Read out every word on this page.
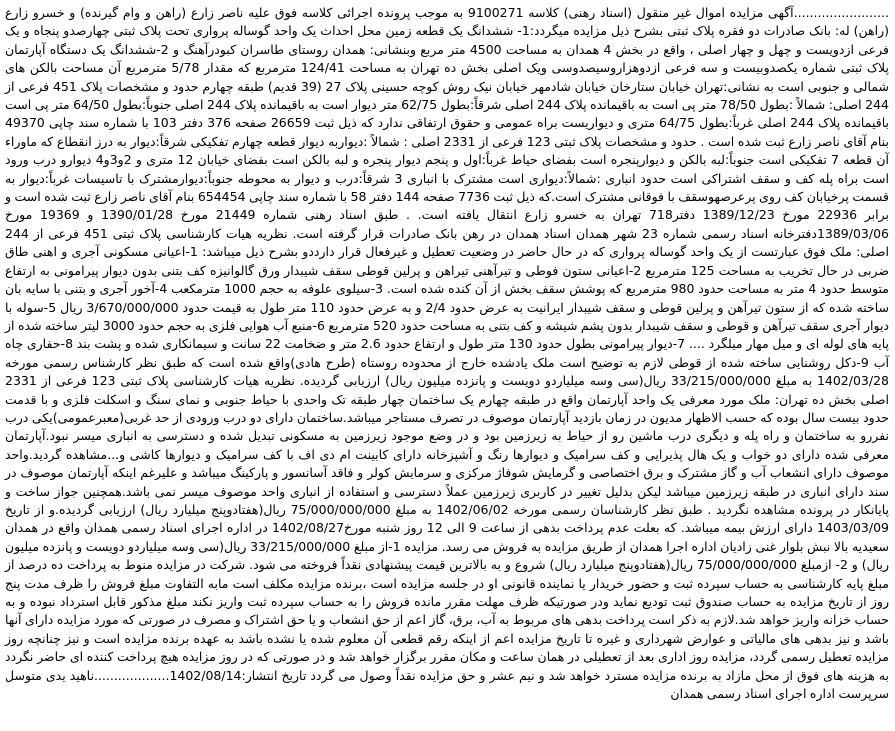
........................آگهی مزایده اموال غیر منقول (اسناد رهنی) کلاسه 9100271 به موجب پرونده اجرائی کلاسه فوق علیه ناصر زارع (راهن و وام گیرنده) و خسرو زارع (راهن) له: بانک صادرات دو فقره پلاک ثبتی بشرح ذیل مزایده میگردد:1- ششدانگ یک قطعه زمین محل احداث یک واحد گوساله پرواری تحت پلاک ثبتی چهارصدو پنجاه و یک فرعی ازدویست و چهل و چهار اصلی ، واقع در بخش 4 همدان به مساحت 4500 متر مربع وبنشانی: همدان روستای طاسران کبودرآهنگ و 2-ششدانگ یک دستگاه آپارتمان پلاک ثبتی شماره یکصدوبیست و سه فرعی ازدوهزاروسیصدوسی ویک اصلی بخش ده تهران به مساحت 124/41 مترمربع که مقدار 5/78 مترمربع آن مساحت بالکن های شمالی و جنوبی است به نشانی:تهران خیابان ستارخان خیابان شادمهر خیابان نیک روش کوچه حسینی پلاک 27 (39 قدیم) طبقه چهارم حدود و مشخصات پلاک 451 فرعی از 244 اصلی: شمالاً :بطول 78/50 متر پی است به باقیمانده پلاک 244 اصلی شرقاً:بطول 62/75 متر دیوار است به باقیمانده پلاک 244 اصلی جنوباً:بطول 64/50 متر پی است باقیمانده پلاک 244 اصلی غرباً:بطول 64/75 متری و دیواریست براه عمومی و حقوق ارتفاقی ندارد که ذیل ثبت 26659 صفحه 376 دفتر 103 با شماره سند چاپی 49370 بنام آقای ناصر زارع ثبت شده است . حدود و مشخصات پلاک ثبتی 123 فرعی از 2331 اصلی : شمالاً :دیواربه دیوار قطعه چهارم تفکیکی شرقاً:دیوار به درز انقطاع که ماوراء آن قطعه 7 تفکیکی است جنوباً:لبه بالکن و دیوارپنجره است بفضای حیاط غرباً:اول و پنجم دیوار پنجره و لبه بالکن است بفضای خیابان 12 متری و 2و3و4 دیوارو درب ورود است براه پله کف و سقف اشتراکی است حدود انباری :شمالاً:دیواری است مشترک با انباری 3 شرقاً:درب و دیوار به محوطه جنوباً:دیوارمشترک با تاسیسات غرباً:دیوار به قسمت پرخیابان کف روی پرعرصهوسقف با فوقانی مشترک است.که ذیل ثبت 7736 صفحه 144 دفتر 58 با شماره سند چاپی 654454 بنام آقای ناصر زارع ثبت شده است و برابر 22936 مورخ 1389/12/23 دفتر718 تهران به خسرو زارع انتقال یافته است. . طبق اسناد رهنی شماره 21449 مورخ 1390/01/28 و 19369 مورخ 1389/03/06دفترخانه اسناد رسمی شماره 23 شهر همدان اسناد همدان در رهن بانک صادرات قرار گرفته است. نظریه هیات کارشناسی پلاک ثبتی 451 فرعی از 244 اصلی: ملک فوق عبارتست از یک واحد گوساله پرواری که در حال حاضر در وضعیت تعطیل و غیرفعال قرار دارددو بشرح ذیل میباشد: 1-اعیانی مسکونی آجری و اهنی طاق ضربی در حال تخریب به مساحت 125 مترمربع 2-اعیانی ستون فوطی و تیرآهنی تیراهن و پرلین قوطی سقف شیبدار ورق گالوانیزه کف بتنی بدون دیوار پیرامونی به ارتفاع متوسط حدود 4 متر به مساحت حدود 980 مترمربع که پوشش سقف بخش از آن کنده شده است. 3-سیلوی علوفه به حجم 1000 مترمکعب 4-آخور آجری و بتنی با سایه بان ساخته شده که از ستون تیرآهن و پرلین قوطی و سقف شیبدار ایرانیت به عرض حدود 2/4 و به عرض حدود 110 متر طول به قیمت حدود 3/670/000/000 ریال 5-سوله با دیوار آجری سقف تیرآهن و قوطی و سقف شیبدار بدون پشم شیشه و کف بتنی به مساحت حدود 520 مترمربع 6-منبع آب هوایی فلزی به حجم حدود 3000 لیتر ساخته شده از پایه های لوله ای و میل مهار میلگرد .... 7-دیوار پیرامونی بطول حدود 130 متر طول و ارتفاع حدود 2.6 متر و ضخامت 22 سانت و سیمانکاری شده و پشت بند 8-حفاری چاه آب 9-دکل روشنایی ساخته شده از قوطی لازم به توضیح است ملک یادشده خارج از محدوده روستاه (طرح هادی)واقع شده است که طبق نظر کارشناس رسمی مورخه 1402/03/28 به مبلغ 33/215/000/000 ریال(سی وسه میلیاردو دویست و پانزده میلیون ریال) ارزیابی گردیده. نظریه هیات کارشناسی پلاک ثبتی 123 فرعی از 2331 اصلی بخش ده تهران: ملک مورد معرفی یک واحد آپارتمان واقع در طبقه چهارم یک ساختمان چهار طبقه تک واحدی با حیاط جنوبی و نمای سنگ و اسکلت فلزی و با قدمت حدود بیست سال بوده که حسب الاظهار مدیون در زمان بازدید آپارتمان موصوف در تصرف مستاجر میباشد.ساختمان دارای دو درب ورودی از حد غربی(معبرعمومی)یکی درب نفررو به ساختمان و راه پله و دیگری درب ماشین رو از حیاط به زیرزمین بود و در وضع موجود زیرزمین به مسکونی تبدیل شده و دسترسی به انباری میسر نبود.آپارتمان معرفی شده دارای دو خواب و یک هال پذیرایی و کف سرامیک و دیوارها رنگ و آشپزخانه دارای کابینت ام دی اف با کف سرامیک و دیوارها کاشی و...مشاهده گردید.واحد موصوف دارای انشعاب آب و گاز مشترک و برق اختصاصی و گرمایش شوفاژ مرکزی و سرمایش کولر و فاقد آسانسور و پارکینگ میباشد و علیرغم اینکه آپارتمان موصوف در سند دارای انباری در طبقه زیرزمین میباشد لیکن بدلیل تغییر در کاربری زیرزمین عملاً دسترسی و استفاده از انباری واحد موصوف میسر نمی باشد.همچنین جواز ساخت و پایانکار در پرونده مشاهده نگردید . طبق نظر کارشناسان رسمی مورخه 1402/06/02 به مبلغ 75/000/000/000 ریال(هفتادوپنج میلیارد ریال) ارزیابی گردیده.و از تاریخ 1403/03/09 دارای ارزش بیمه میباشد. که بعلت عدم پرداخت بدهی از ساعت 9 الی 12 روز شنبه مورخ1402/08/27 در اداره اجرای اسناد رسمی همدان واقع در همدان سعیدیه بالا نبش بلوار غنی زادیان اداره اجرا همدان از طریق مزایده به فروش می رسد. مزایده 1-از مبلغ 33/215/000/000 ریال(سی وسه میلیاردو دویست و پانزده میلیون ریال) و 2- ازمبلغ 75/000/000/000 ریال(هفتادوپنج میلیارد ریال) شروع و به بالاترین قیمت پیشنهادی نقداً فروخته می شود. شرکت در مزایده منوط به پرداخت ده درصد از مبلغ پایه کارشناسی به حساب سپرده ثبت و حضور خریدار یا نماینده قانونی او در جلسه مزایده است ،برنده مزایده مکلف است مابه التفاوت مبلغ فروش را ظرف مدت پنج روز از تاریخ مزایده به حساب صندوق ثبت تودیع نماید ودر صورتیکه ظرف مهلت مقرر مانده فروش را به حساب سپرده ثبت واریز نکند مبلغ مذکور قابل استرداد نبوده و به حساب خزانه واریز خواهد شد.لازم به ذکر است پرداخت بدهی های مربوط به آب، برق، گاز اعم از حق انشعاب و یا حق اشتراک و مصرف در صورتی که مورد مزایده دارای آنها باشد و نیز بدهی های مالیاتی و عوارض شهرداری و غیره تا تاریخ مزایده اعم از اینکه رقم قطعی آن معلوم شده یا نشده باشد به عهده برنده مزایده است و نیز چنانچه روز مزایده تعطیل رسمی گردد، مزایده روز اداری بعد از تعطیلی در همان ساعت و مکان مقرر برگزار خواهد شد و در صورتی که در روز مزایده هیچ پرداخت کننده ای حاضر نگردد به هزینه های فوق از محل مازاد به برنده مزایده مسترد خواهد شد و نیم عشر و حق مزایده نقداً وصول می گردد تاریخ انتشار:1402/08/14...................ناهید یدی متوسل سرپرست اداره اجرای اسناد رسمی همدان
